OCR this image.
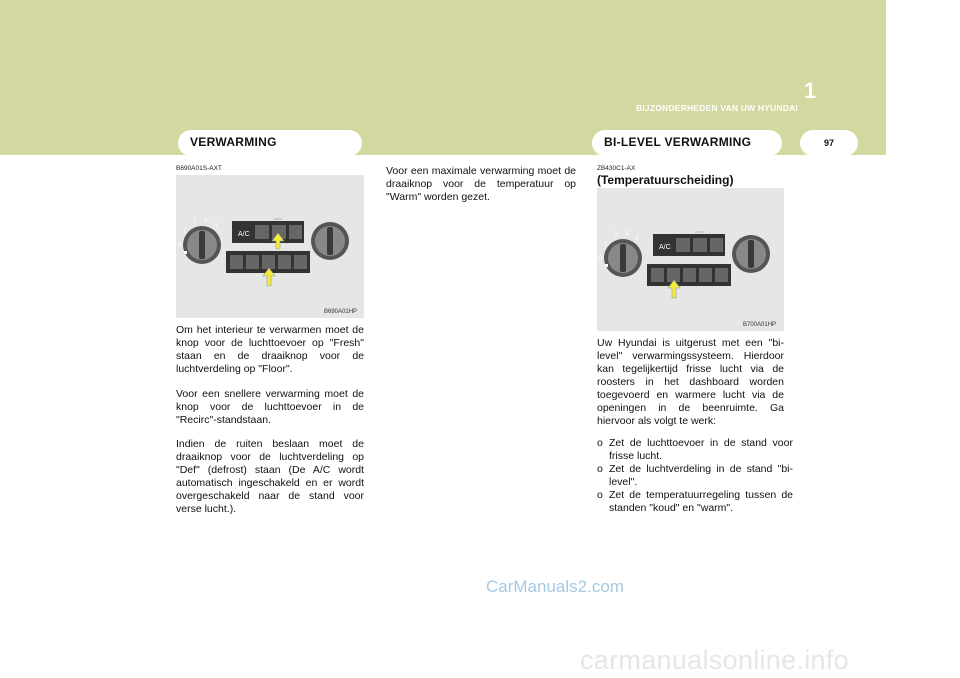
1
BIJZONDERHEDEN VAN UW HYUNDAI
VERWARMING	BI-LEVEL VERWARMING	97
B690A01S-AXT
0
1
2 3
4
A/C
B690A01HP

Om het interieur te verwarmen moet de knop voor de luchttoevoer op "Fresh" staan en de draaiknop voor de luchtverdeling op "Floor".

Voor een snellere verwarming moet de knop voor de luchttoevoer in de "Recirc"-standstaan.

Indien de ruiten beslaan moet de draaiknop voor de luchtverdeling op "Def" (defrost) staan (De A/C wordt automatisch ingeschakeld en er wordt overgeschakeld naar de stand voor verse lucht.).

Voor een maximale verwarming moet de draaiknop voor de temperatuur op "Warm" worden gezet.

ZB430C1-AX
(Temperatuurscheiding)
0
1
2 3
4
A/C
B700A01HP

Uw Hyundai is uitgerust met een "bi-level" verwarmingssysteem. Hierdoor kan tegelijkertijd frisse lucht via de roosters in het dashboard worden toegevoerd en warmere lucht via de openingen in de beenruimte. Ga hiervoor als volgt te werk:

o Zet de luchttoevoer in de stand voor frisse lucht.
o Zet de luchtverdeling in de stand "bi-level".
o Zet de temperatuurregeling tussen de standen "koud" en "warm".
CarManuals2.com
carmanualsonline.info
